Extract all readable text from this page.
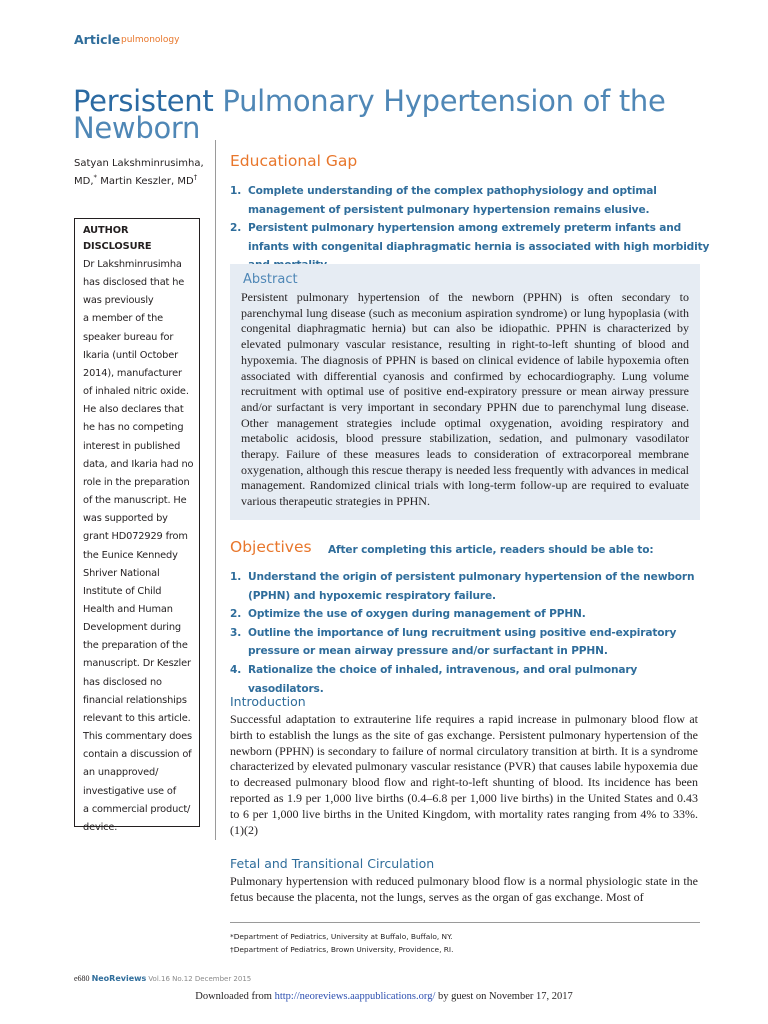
Article pulmonology
Persistent Pulmonary Hypertension of the Newborn
Satyan Lakshminrusimha,
MD,* Martin Keszler, MD†
AUTHOR DISCLOSURE
Dr Lakshminrusimha
has disclosed that he
was previously
a member of the
speaker bureau for
Ikaria (until October
2014), manufacturer
of inhaled nitric oxide.
He also declares that
he has no competing
interest in published
data, and Ikaria had no
role in the preparation
of the manuscript. He
was supported by
grant HD072929 from
the Eunice Kennedy
Shriver National
Institute of Child
Health and Human
Development during
the preparation of the
manuscript. Dr Keszler
has disclosed no
financial relationships
relevant to this article.
This commentary does
contain a discussion of
an unapproved/
investigative use of
a commercial product/
device.
Educational Gap
1. Complete understanding of the complex pathophysiology and optimal management of persistent pulmonary hypertension remains elusive.
2. Persistent pulmonary hypertension among extremely preterm infants and infants with congenital diaphragmatic hernia is associated with high morbidity
Abstract
Persistent pulmonary hypertension of the newborn (PPHN) is often secondary to parenchymal lung disease (such as meconium aspiration syndrome) or lung hypoplasia (with congenital diaphragmatic hernia) but can also be idiopathic. PPHN is characterized by elevated pulmonary vascular resistance, resulting in right-to-left shunting of blood and hypoxemia. The diagnosis of PPHN is based on clinical evidence of labile hypoxemia often associated with differential cyanosis and confirmed by echocardiography. Lung volume recruitment with optimal use of positive end-expiratory pressure or mean airway pressure and/or surfactant is very important in secondary PPHN due to parenchymal lung disease. Other management strategies include optimal oxygenation, avoiding respiratory and metabolic acidosis, blood pressure stabilization, sedation, and pulmonary vasodilator therapy. Failure of these measures leads to consideration of extracorporeal membrane oxygenation, although this rescue therapy is needed less frequently with advances in medical management. Randomized clinical trials with long-term follow-up are required to evaluate various therapeutic strategies in PPHN.
Objectives After completing this article, readers should be able to:
1. Understand the origin of persistent pulmonary hypertension of the newborn (PPHN) and hypoxemic respiratory failure.
2. Optimize the use of oxygen during management of PPHN.
3. Outline the importance of lung recruitment using positive end-expiratory pressure or mean airway pressure and/or surfactant in PPHN.
4. Rationalize the choice of inhaled, intravenous, and oral pulmonary vasodilators.
Introduction
Successful adaptation to extrauterine life requires a rapid increase in pulmonary blood flow at birth to establish the lungs as the site of gas exchange. Persistent pulmonary hypertension of the newborn (PPHN) is secondary to failure of normal circulatory transition at birth. It is a syndrome characterized by elevated pulmonary vascular resistance (PVR) that causes labile hypoxemia due to decreased pulmonary blood flow and right-to-left shunting of blood. Its incidence has been reported as 1.9 per 1,000 live births (0.4–6.8 per 1,000 live births) in the United States and 0.43 to 6 per 1,000 live births in the United Kingdom, with mortality rates ranging from 4% to 33%. (1)(2)
Fetal and Transitional Circulation
Pulmonary hypertension with reduced pulmonary blood flow is a normal physiologic state in the fetus because the placenta, not the lungs, serves as the organ of gas exchange. Most of
*Department of Pediatrics, University at Buffalo, Buffalo, NY.
†Department of Pediatrics, Brown University, Providence, RI.
e680 NeoReviews Vol.16 No.12 December 2015
Downloaded from http://neoreviews.aappublications.org/ by guest on November 17, 2017
